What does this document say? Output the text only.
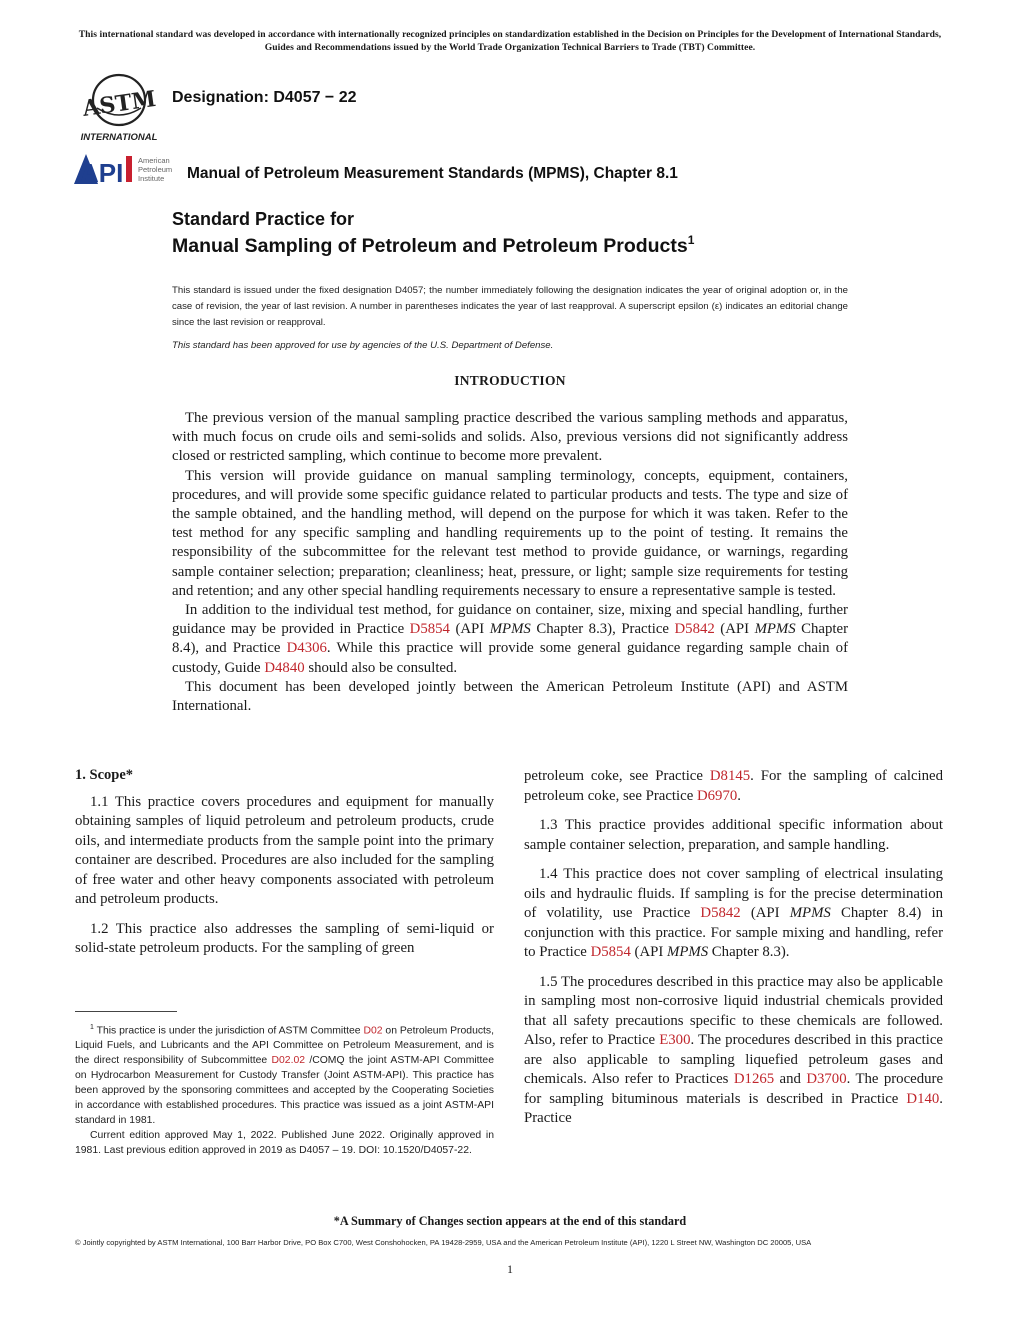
This international standard was developed in accordance with internationally recognized principles on standardization established in the Decision on Principles for the Development of International Standards, Guides and Recommendations issued by the World Trade Organization Technical Barriers to Trade (TBT) Committee.
ASTM
INTERNATIONAL
Designation: D4057 − 22
API American
Petroleum
Institute Manual of Petroleum Measurement Standards (MPMS), Chapter 8.1
Standard Practice for
Manual Sampling of Petroleum and Petroleum Products$^1$
This standard is issued under the fixed designation D4057; the number immediately following the designation indicates the year of original adoption or, in the case of revision, the year of last revision. A number in parentheses indicates the year of last reapproval. A superscript epsilon (ε) indicates an editorial change since the last revision or reapproval.
This standard has been approved for use by agencies of the U.S. Department of Defense.
INTRODUCTION

The previous version of the manual sampling practice described the various sampling methods and apparatus, with much focus on crude oils and semi-solids and solids. Also, previous versions did not significantly address closed or restricted sampling, which continue to become more prevalent.

This version will provide guidance on manual sampling terminology, concepts, equipment, containers, procedures, and will provide some specific guidance related to particular products and tests. The type and size of the sample obtained, and the handling method, will depend on the purpose for which it was taken. Refer to the test method for any specific sampling and handling requirements up to the point of testing. It remains the responsibility of the subcommittee for the relevant test method to provide guidance, or warnings, regarding sample container selection; preparation; cleanliness; heat, pressure, or light; sample size requirements for testing and retention; and any other special handling requirements necessary to ensure a representative sample is tested.

In addition to the individual test method, for guidance on container, size, mixing and special handling, further guidance may be provided in Practice D5854 (API MPMS Chapter 8.3), Practice D5842 (API MPMS Chapter 8.4), and Practice D4306. While this practice will provide some general guidance regarding sample chain of custody, Guide D4840 should also be consulted.

This document has been developed jointly between the American Petroleum Institute (API) and ASTM International.

1. Scope*

1.1 This practice covers procedures and equipment for manually obtaining samples of liquid petroleum and petroleum products, crude oils, and intermediate products from the sample point into the primary container are described. Procedures are also included for the sampling of free water and other heavy components associated with petroleum and petroleum products.

1.2 This practice also addresses the sampling of semi-liquid or solid-state petroleum products. For the sampling of green

petroleum coke, see Practice D8145. For the sampling of calcined petroleum coke, see Practice D6970.

1.3 This practice provides additional specific information about sample container selection, preparation, and sample handling.

1.4 This practice does not cover sampling of electrical insulating oils and hydraulic fluids. If sampling is for the precise determination of volatility, use Practice D5842 (API MPMS Chapter 8.4) in conjunction with this practice. For sample mixing and handling, refer to Practice D5854 (API MPMS Chapter 8.3).

1.5 The procedures described in this practice may also be applicable in sampling most non-corrosive liquid industrial chemicals provided that all safety precautions specific to these chemicals are followed. Also, refer to Practice E300. The procedures described in this practice are also applicable to sampling liquefied petroleum gases and chemicals. Also refer to Practices D1265 and D3700. The procedure for sampling bituminous materials is described in Practice D140. Practice

$^1$ This practice is under the jurisdiction of ASTM Committee D02 on Petroleum Products, Liquid Fuels, and Lubricants and the API Committee on Petroleum Measurement, and is the direct responsibility of Subcommittee D02.02 /COMQ the joint ASTM-API Committee on Hydrocarbon Measurement for Custody Transfer (Joint ASTM-API). This practice has been approved by the sponsoring committees and accepted by the Cooperating Societies in accordance with established procedures. This practice was issued as a joint ASTM-API standard in 1981.

Current edition approved May 1, 2022. Published June 2022. Originally approved in 1981. Last previous edition approved in 2019 as D4057 – 19. DOI: 10.1520/D4057-22.

*A Summary of Changes section appears at the end of this standard
© Jointly copyrighted by ASTM International, 100 Barr Harbor Drive, PO Box C700, West Conshohocken, PA 19428-2959, USA and the American Petroleum Institute (API), 1220 L Street NW, Washington DC 20005, USA
1
